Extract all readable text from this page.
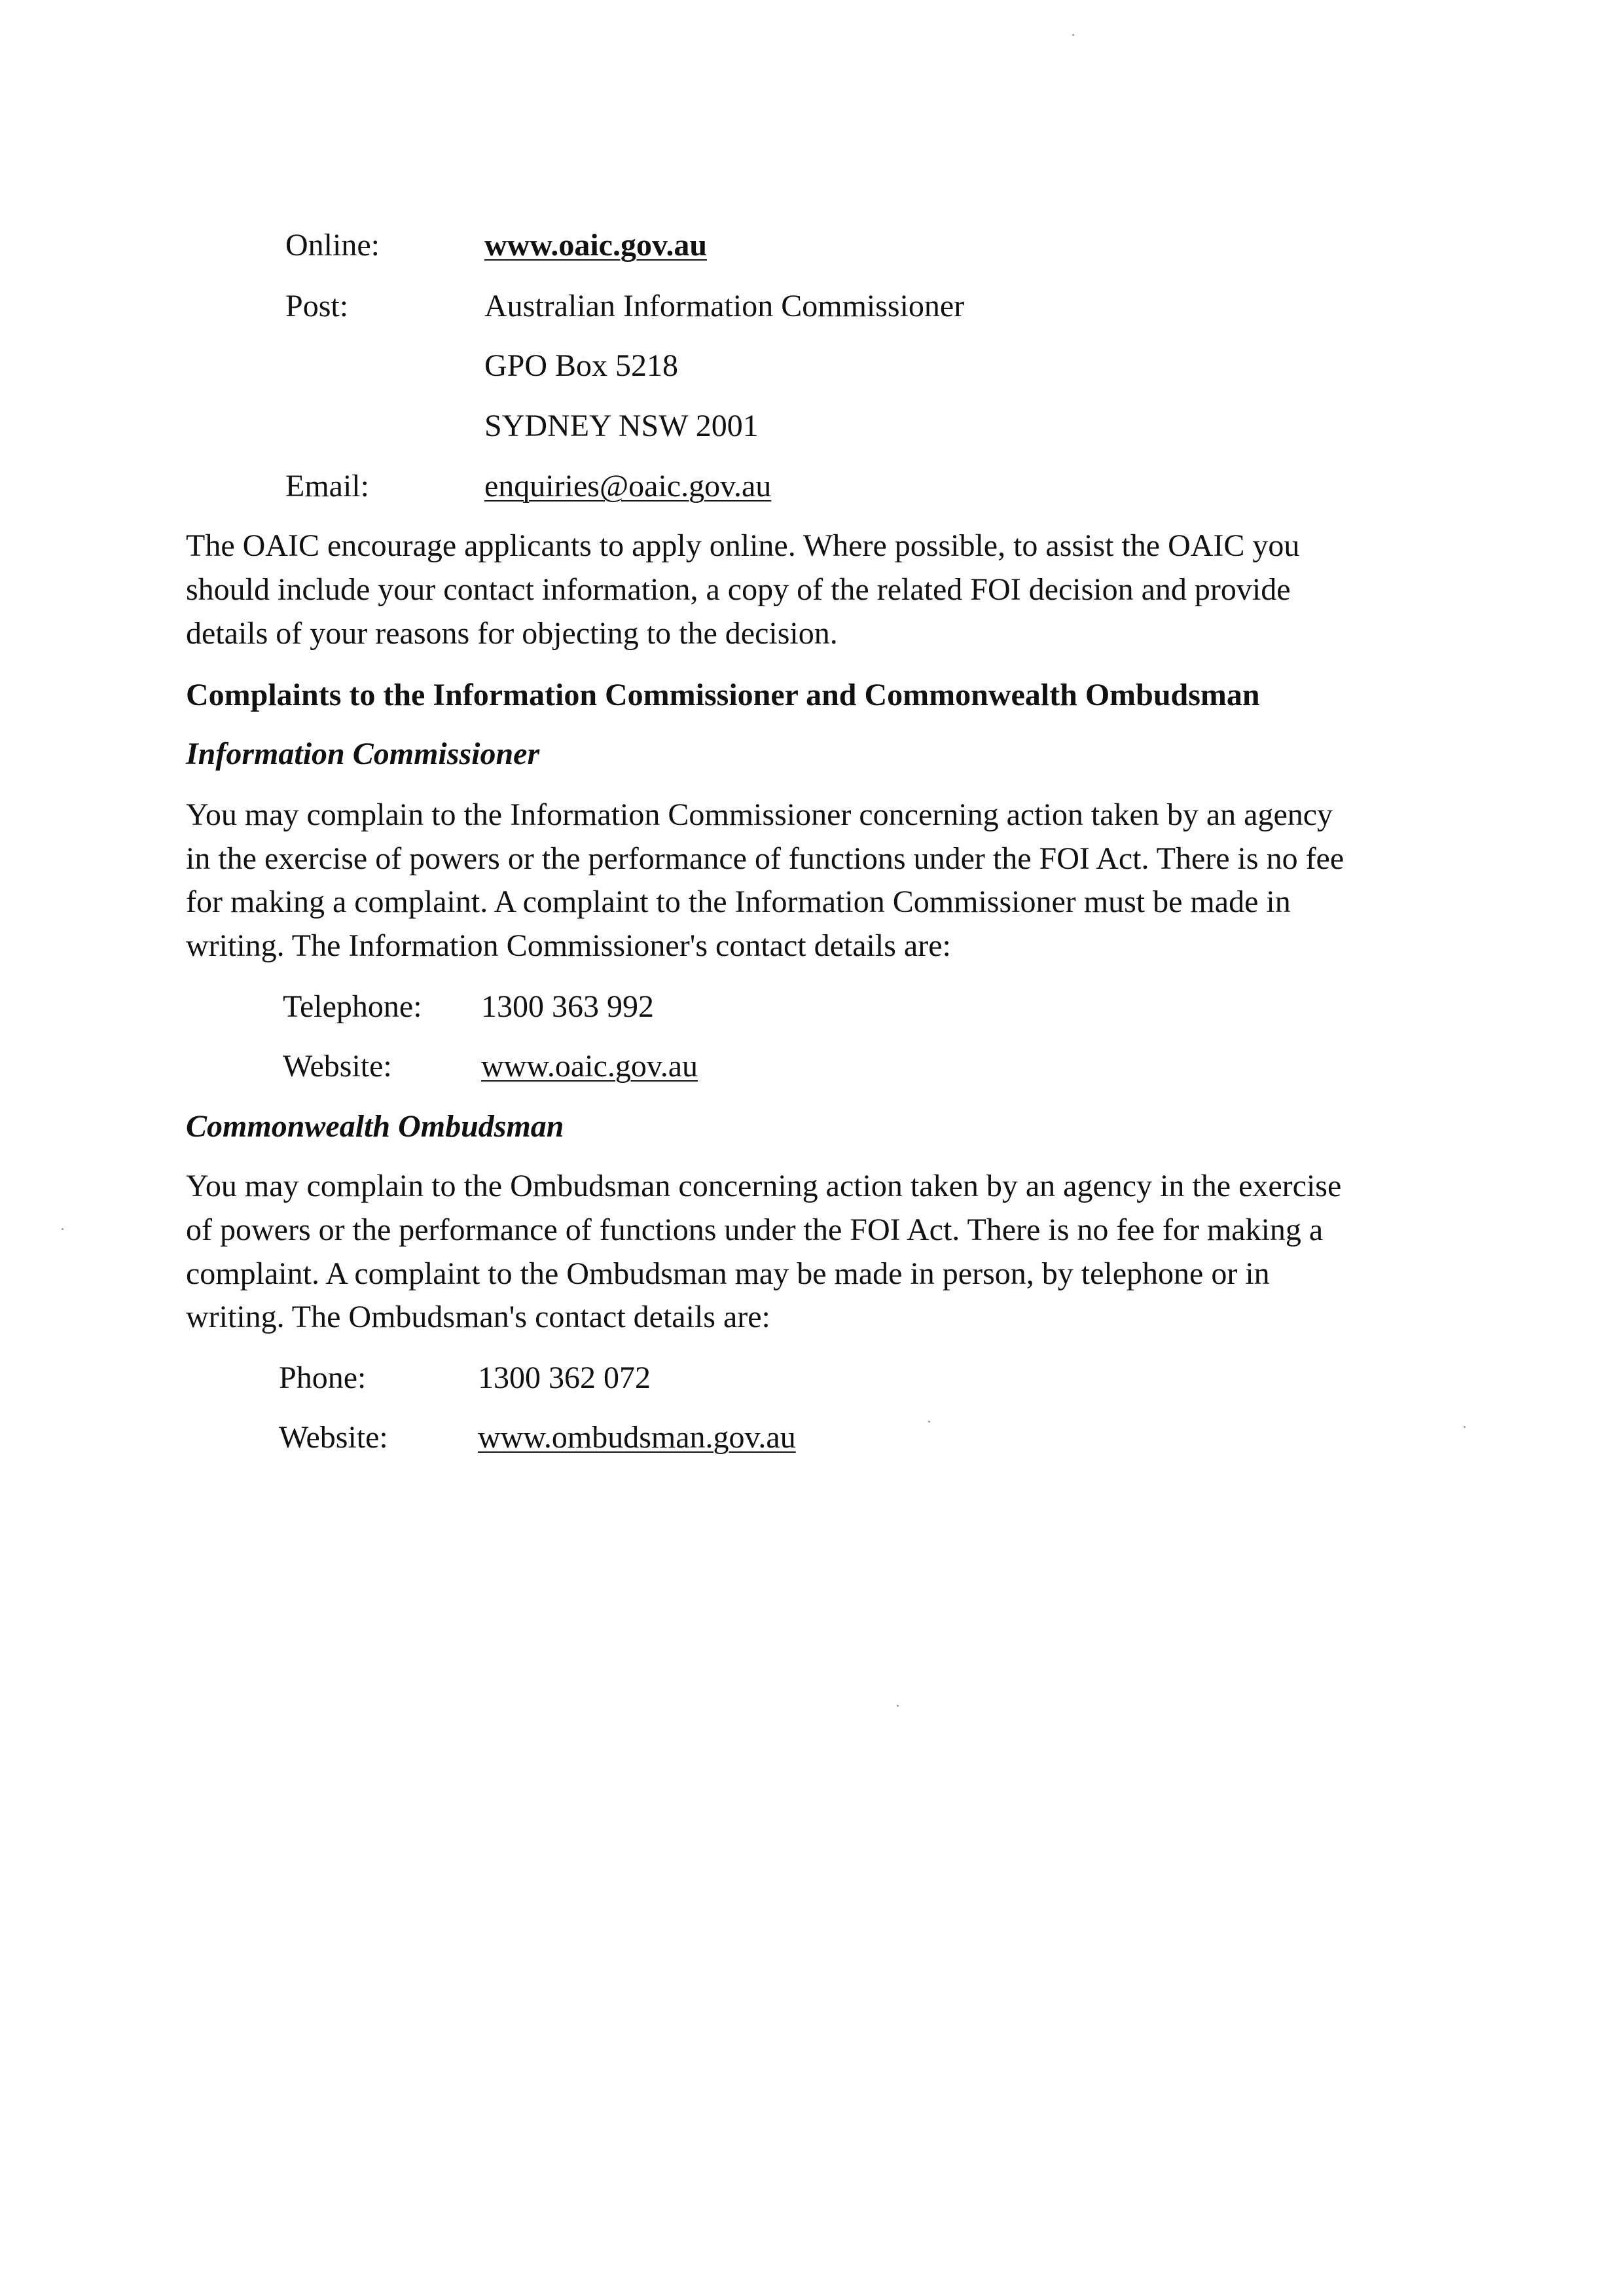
Online:	www.oaic.gov.au
Post:	Australian Information Commissioner
GPO Box 5218
SYDNEY NSW 2001
Email:	enquiries@oaic.gov.au
The OAIC encourage applicants to apply online. Where possible, to assist the OAIC you
should include your contact information, a copy of the related FOI decision and provide
details of your reasons for objecting to the decision.
Complaints to the Information Commissioner and Commonwealth Ombudsman
Information Commissioner
You may complain to the Information Commissioner concerning action taken by an agency
in the exercise of powers or the performance of functions under the FOI Act. There is no fee
for making a complaint. A complaint to the Information Commissioner must be made in
writing. The Information Commissioner's contact details are:
Telephone: 1300 363 992
Website:	www.oaic.gov.au
Commonwealth Ombudsman
You may complain to the Ombudsman concerning action taken by an agency in the exercise
of powers or the performance of functions under the FOI Act. There is no fee for making a
complaint. A complaint to the Ombudsman may be made in person, by telephone or in
writing. The Ombudsman's contact details are:
Phone:	1300 362 072
Website:	www.ombudsman.gov.au
